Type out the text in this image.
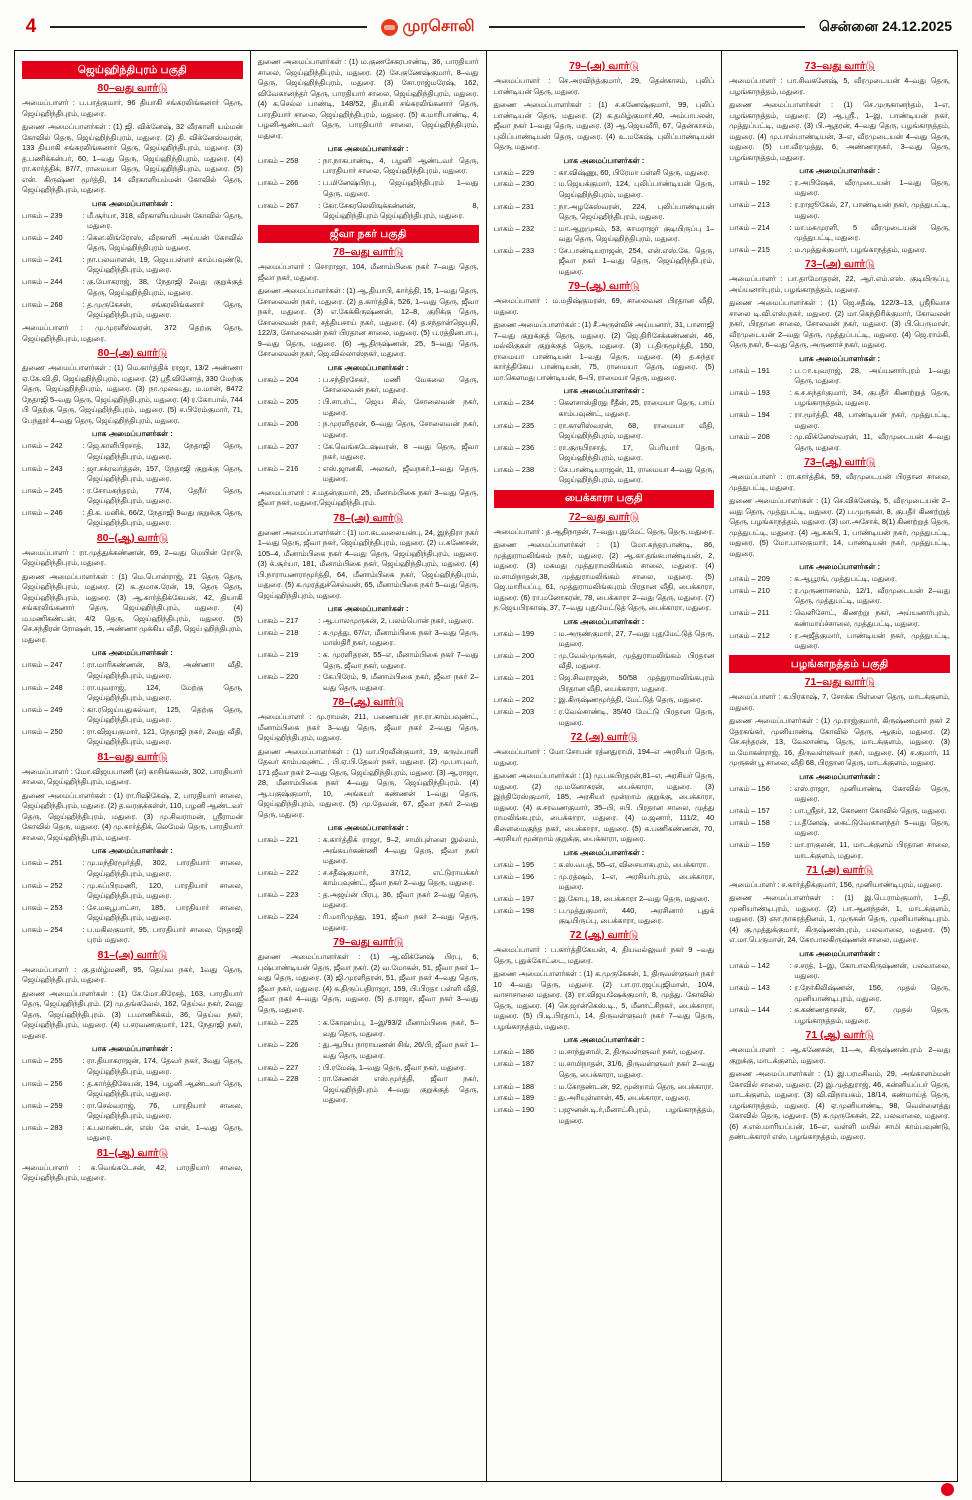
4	முரசொலி	சென்னை 24.12.2025
ஜெய்ஹிந்திபுரம் பகுதி
80–வது வார்டு

அமைப்பாளர் : ப.பாத்குமார், 96 தியாகி சங்கரலிங்கனார் தெரு, ஜெய்ஹிந்திபுரம், மதுரை.

துணை அமைப்பாளர்கள் : (1) ஜி. விக்னேஷ், 32 வீரகாளி யம்மன் கோவில் தெரு, ஜெய்ஹிந்திபுரம், மதுரை. (2) தி. விக்னேஸ்வரன், 133 தியாகி சங்கரலிங்கனார் தெரு, ஜெய்ஹிந்திபுரம், மதுரை. (3) த.பணிக்கன்பர், 60, 1–வது தெரு, ஜெய்ஹிந்திபுரம், மதுரை. (4) ரா.கார்த்திக், 87/7, ராமையா தெரு, ஜெய்ஹிந்திபுரம், மதுரை. (5) என். கிருஷ்ண மூர்த்தி, 14 வீரகாளியம்மன் கோவில் தெரு, ஜெய்ஹிந்திபுரம், மதுரை.

பாக அமைப்பாளர்கள் :
பாகம் – 239	: மீ.சூர்யா, 318, வீரகாளியம்மன் கோவில் தெரு, மதுரை.
பாகம் – 240	: கௌ.லிங்ரோஸ், வீரகாளி அய்யன் கோவில் தெரு, ஜெய்ஹிந்திபுரம் மதுரை.
பாகம் – 241	: நா.பலவாளன், 19, ஜெயபள்ளர் காம்பவுண்டு, ஜெய்ஹிந்திபுரம், மதுரை.
பாகம் – 244	: கு.யோகராஜ், 38, நேதாஜி 2வது குறுக்குத் தெரு, ஜெய்ஹிந்திபுரம், மதுரை.
பாகம் – 268	: த.முருகேசன், சங்கரலிங்கனார் தெரு, ஜெய்ஹிந்திபுரம், மதுரை.

அமைப்பாளர் : மு.முரளீஸ்வரன், 372 தெற்கு தெரு, ஜெய்ஹிந்திபுரம், மதுரை.

80–(அ) வார்டு

துணை அமைப்பாளர்கள் : (1) மெ.கார்த்திக் ராஜா, 13/2 அண்ணா ஏ.கே.வி.தி, ஜெய்ஹிந்திபுரம், மதுரை. (2) ஸ்ரீ.வினோத், 330 மேற்கு தெரு, ஜெய்ஹிந்திபுரம், மதுரை. (3) நா.முலவ.து, ம.மான், 8472 நேதாஜி 5–வது தெரு, ஜெய்ஹிந்திபுரம், மதுரை. (4) ர.கோபால், 744 பி தெற்கு தெரு, ஜெய்ஹிந்திபுரம், மதுரை. (5) ச.பிரேம்குமார், 71, பேந்தூர் 4–வது தெரு, ஜெய்ஹிந்திபுரம், மதுரை.

பாக அமைப்பாளர்கள் :
பாகம் – 242	: ஜெ.காளிபிரசாத், 132, நேதாஜி தெரு, ஜெய்ஹிந்திபுரம், மதுரை.
பாகம் – 243	: ஜா.சக்ரவர்த்தன், 157, நேதாஜி குறுக்கு தெரு, ஜெய்ஹிந்திபுரம், மதுரை.
பாகம் – 245	: ர.சோமசுந்தரம், 77/4, தேநீர் தெரு, ஜெய்ஹிந்திபுரம், மதுரை.
பாகம் – 246	: தி.க. மனிக், 66/2, நேதாஜி 9வது குறுக்கு தெரு, ஜெய்ஹிந்திபுரம், மதுரை.
80–(ஆ) வார்டு

அமைப்பாளர் : ரா.முத்துக்கண்ணன், 69, 2–வது மெயின் ரோடு, ஜெய்ஹிந்திபுரம், மதுரை.

துணை அமைப்பாளர்கள் : (1) மெ.பொன்ராஜ், 21 தெரு தெரு, ஜெய்ஹிந்திபுரம், மதுரை. (2) க..தமாக.ரேன், 19, தெரு தெரு, ஜெய்ஹிந்திபுரம், மதுரை. (3) ஆ.கார்த்திக்கேயன், 42, தியாகி சங்கரலிங்கனார் தெரு, ஜெய்ஹிந்திபுரம், மதுரை. (4) ம.மணிகண்டன், 4/2 தெரு, ஜெய்ஹிந்திபுரம், மதுரை. (5) செ.சந்திரன் ரோஷன், 15, அண்ணா முக்கிய வீதி, ஜெய் ஹிந்திபுரம், மதுரை.

பாக அமைப்பாளர்கள் :
பாகம் – 247	: ரா.மாரிகண்ணன், 8/3, அண்ணா வீதி, ஜெய்ஹிந்திபுரம், மதுரை.
பாகம் – 248	: ரா.யுவராஜ், 124, மேற்கு தெரு, ஜெய்ஹிந்திபுரம், மதுரை.
பாகம் – 249	: கா.ரஜெய்யதுகல்வா, 125, தெற்கு தெரு, ஜெய்ஹிந்திபுரம், மதுரை.
பாகம் – 250	: ரா.விஜயகுமார், 121, நேதாஜி நகர், 2வது வீதி, ஜெய்ஹிந்திபுரம், மதுரை.
81–வது வார்டு

அமைப்பாளர் : மோ.விஜயபாணி (எ) காசிங்கவன், 302, பாரதியார் சாலை, ஜெய்ஹிந்திபுரம், மதுரை.

துணை அமைப்பாளர்கள் : (1) ரா.ரிஷிகேஷ், 2, பாரதியார் சாலை, ஜெய்ஹிந்திபுரம், மதுரை. (2) த.வரகுக்கள்ள், 110, பழனி ஆண்டவர் தெரு, ஜெய்ஹிந்திபுரம், மதுரை. (3) மு.சிவராமன், ஸ்ரீராமன் கோவில் தெரு, மதுரை. (4) மு.கார்த்திக், லெமேல் தெரு, பாரதியார் சாலை, ஜெய்ஹிந்திபுரம், மதுரை.

பாக அமைப்பாளர்கள் :
பாகம் – 251	: மு.மந்திரமூர்த்தி, 302, பாரதியார் சாலை, ஜெய்ஹிந்திபுரம், மதுரை.
பாகம் – 252	: மு.சுப்பிரமணி, 120, பாரதியார் சாலை, ஜெய்ஹிந்திபுரம், மதுரை.
பாகம் – 253	: சே.மகபூபாட்சா, 185, பாரதியார் சாலை, ஜெய்ஹிந்திபுரம், மதுரை.
பாகம் – 254	: ப.மகிலகுமார், 95, பாரதியார் சாலை, நேதாஜி புரம் மதுரை.
81–(அ) வார்டு

அமைப்பாளர் : கு.தமிழ்மணி, 95, தெய்வ நகர், 1வது தெரு, ஜெய்ஹிந்திபுரம், மதுரை.

துணை அமைப்பாளர்கள் : (1) சே.மோ.கிரேசத், 163, பாரதியார் தெரு, ஜெய்ஹிந்திபுரம். (2) மு.தங்கவேல், 162, தெய்வ நகர், 2வது தெரு, ஜெய்ஹிந்திபுரம். (3) ப.மாணிக்கம், 36, தெய்வ நகர், ஜெய்ஹிந்திபுரம், மதுரை. (4) ப.சரவணகுமார், 121, நேதாஜி நகர், மதுரை.

பாக அமைப்பாளர்கள் :
பாகம் – 255	: ரா.தியாகராஜன், 174, தேவர் நகர், 3வது தெரு, ஜெய்ஹிந்திபுரம், மதுரை.
பாகம் – 256	: த.கார்த்திகேயன், 194, பழனி ஆண்டவர் தெரு, ஜெய்ஹிந்திபுரம், மதுரை.
பாகம் – 259	: ரா.செல்வராஜ், 76, பாரதியார் சாலை, ஜெய்ஹிந்திபுரம், மதுரை.
பாகம் – 283	: க.பலாண்டன், எஸ் கே என், 1–வது தெரு, மதுரை.
81–(ஆ) வார்டு

அமைப்பாளர் : க.வெங்கடேசன், 42, பாரதியார் சாலை, ஜெய்ஹிந்திபுரம், மதுரை.

துணை அமைப்பாளர்கள் : (1) ம.குணசேகரபாண்டி, 36, பாரதியார் சாலை, ஜெய்ஹிந்திபுரம், மதுரை. (2) சே.குணேஷ்குமார், 8–வது தெரு, ஜெய்ஹிந்திபுரம், மதுரை. (3) சோ.ராஜ்மரேஷ், 162, விவேகானந்தர் தெரு, பாரதியார் சாலை, ஜெய்ஹிந்திபுரம், மதுரை. (4) க.செல்ல பாண்டி, 148/52, தியாகி சங்கரலிங்கனார் தெரு, பாரதியார் சாலை, ஜெய்ஹிந்திபுரம், மதுரை. (5) க.மாரிபாண்டி, 4, பழனிஆண்டவர் தெரு, பாரதியார் சாலை, ஜெய்ஹிந்திபுரம், மதுரை.

பாக அமைப்பாளர்கள் :
பாகம் – 258	: நா.நாகபாண்டி, 4, பழனி ஆண்டவர் தெரு, பாரதியார் சாலை, ஜெய்ஹிந்திபுரம், மதுரை.
பாகம் – 266	: ப.மினேஷ்பிரபு, ஜெய்ஹிந்திபுரம் 1–வது தெரு, மதுரை.
பாகம் – 267	: கோ.சேகரலெலிஙுக்கன்னன், 8, ஜெய்ஹிந்திபுரம் ஜெய்ஹிந்திபுரம், மதுரை.
ஜீவா நகர் பகுதி
78–வது வார்டு

அமைப்பாளர் : சொராஜா, 104, மீனாம்பிகை நகர் 7–வது தெரு, ஜீவா நகர், மதுரை.

துணை அமைப்பாளர்கள் : (1) ஆ.தியாபி, கார்த்தி, 15, 1–வது தெரு, சோலைவன் நகர், மதுரை. (2) த.கார்த்திக், 526, 1–வது தெரு, ஜீவா நகர், மதுரை. (3) எ.கேக்கிருஷ்ணன், 12–8, குறிக்கு தெரு, சோலைவன் நகர், சத்தியசாய் நகர், மதுரை. (4) த.சந்தான்ஜெயநி, 122/3, சோலைவன் நகர் பிரதான சாலை, மதுரை. (5) ப.ரத்தினபாபு, 9–வது தெரு, மதுரை. (6) ஆ.திருஷ்ணன், 25, 5–வது தெரு, சோலைவன் நகர், ஜெ.வில்லாஸ்நகர், மதுரை.

பாக அமைப்பாளர்கள் :
பாகம் – 204	: ப.சந்திரசேகர், மணி மேகலை தெரு, சோலைவன் நகர், மதுரை.
பாகம் – 205	: பி.சாபர்ட், ஜெய சில், சோலைவன் நகர், மதுரை.
பாகம் – 206	: ந.முரளிதரன், 6–வது தெரு, சோலைவன் நகர், மதுரை.
பாகம் – 207	: கே.வெங்கடேஷ்வரன், 8 –வது தெரு, ஜீவா நகர், மதுரை.
பாகம் – 216	: எஸ்.ஜானகி, அலஙர், ஜீவநகர்,1–வது தெரு, மதுரை.

அமைப்பாளர் : ச.மதன்குமார், 25, மீனாம்பிகை நகர் 3–வது தெரு, ஜீவா நகர், மதுரை,ஜெய்ஹிந்திபுரம்.

78–(அ) வார்டு

துணை அமைப்பாளர்கள் : (1) மா.கடவலையன்பு, 24, இந்திரா நகர் 1–வது தெரு, ஜீவா நகர், ஜெய்ஹிந்திபுரம், மதுரை. (2) ப.கணேசன், 105–4, மீனாம்பிகை நகர் 4–வது தெரு, ஜெய்ஹிந்திபுரம், மதுரை. (3) க்.சூர்யா, 181, மீனாம்பிகை நகர், ஜெய்ஹிந்திபுரம், மதுரை. (4) பி.நாராயணராமூர்த்தி, 64, மீனாம்பிகை நகர், ஜெய்ஹிந்திபுரம், மதுரை. (5) க.முரத்துச்செல்வன், 65, மீனாம்பிகை நகர் 5–வது தெரு, ஜெய்ஹிந்திபுரம், மதுரை.

பாக அமைப்பாளர்கள் :
பாகம் – 217	: ஆ.பாலமுருகன், 2, பலம்பொன் நகர், மதுரை.
பாகம் – 218	: க.முத்து, 67/எ, மீனாம்பிகை நகர் 3–வது தெரு, மாஸ்திரீ நகர், மதுரை.
பாகம் – 219	: க. முரளிதரன், 55–எ, மீனாம்பிகை நகர் 7–வது தெரு, ஜீவா நகர், மதுரை.
பாகம் – 220	: கே.பிரேம், 9, மீனாம்பிகை நகர், ஜீவா நகர் 2–வது தெரு, மதுரை.
78–(ஆ) வார்டு

அமைப்பாளர் : மு.ராமன், 211, பணையன் நா.ரா.காம்பவுண்ட், மீனாம்பிகை நகர் 3–வது தெரு, ஜீவா நகர் 2–வது தெரு, ஜெய்ஹிந்திபுரம், மதுரை.

துணை அமைப்பாளர்கள் : (1) மா.பிரவீன்குமார், 19, கரும்பாளி தேவர் காம்பவுண்ட் , பி.ஏ.பி.தேவர் நகர், மதுரை. (2) மு.பாபுவர், 171 ஜீவா நகர் 2–வது தெரு, ஜெய்ஹிந்திபுரம், மதுரை. (3) ஆ.ராஜா, 28, மீனாம்பிகை நகர் 4–வது தெரு, ஜெய்ஹிந்திபுரம். (4) ஆ.பகுஷ்குமார், 10, அங்கயர் கண்ணன் 1–வது தெரு, ஜெய்ஹிந்திபுரம், மதுரை. (5) மு.தேவன், 67, ஜீவா நகர் 2–வது தெரு, மதுரை.

பாக அமைப்பாளர்கள் :
பாகம் – 221	: க.கார்த்திக் ராஜா, 9–2, சாமிபுள்ளை இல்லம், அங்கயர்கண்ணி 4–வது தெரு, ஜீவா நகர் மதுரை.
பாகம் – 222	: ச.சதீஷ்குமார், 37/12, எட்டுராயக்கர் காம்பவுண்ட், ஜீவா நகர் 2–வது தெரு, மதுரை.
பாகம் – 223	: த.அஜய்ன் பிரபு, 36, ஜீவா நகர் 2–வது தெரு, மதுரை.
பாகம் – 224	: ரி.மாரிமுத்து, 191, ஜீவா நகர் 2–வது தெரு, மதுரை.
79–வது வார்டு

துணை அமைப்பாளர்கள் : (1) ஆ.விக்னேஷ் பிரபு, 6, புஷ்பாண்டியன் தெரு, ஜீவா நகர். (2) வ.மோகன், 51, ஜீவா நகர் 1–வது தெரு, மதுரை. (3) ஜி.முரளிதரன், 51, ஜீவா நகர் 4–வது தெரு, ஜீவா நகர், மதுரை. (4) க.திருப்பதிராஜா, 159, பி.பிரதா பள்ளி வீதி, ஜீவா நகர் 4–வது தெரு, மதுரை. (5) த.ராஜா, ஜீவா நகர் 3–வது தெரு, மதுரை.

பாகம் – 225	: க.கோஹம்பு, 1–இ/93/2 மீனாம்பிகை நகர், 5–வது தெரு, மதுரை.
பாகம் – 226	: து.ஆபிய நாராயணன் சிங், 26/பி, ஜீவா நகர் 1–வது தெரு, மதுரை.
பாகம் – 227	: பி.ரமேஷ், 1–வது தெரு, ஜீவா நகர், மதுரை.
பாகம் – 228	: ரா.சேணன் எஸ்.மூர்த்தி, ஜீவா நகர், ஜெய்ஹிந்திபுரம் 4–வது குறுக்குத் தெரு, மதுரை.
79–(அ) வார்டு

அமைப்பாளர் : செ.அரவிந்த்குமார், 29, தென்காசம், புலிப் பாண்டியன் தெரு, மதுரை.

துணை அமைப்பாளர்கள் : (1) ச.கணேஷ்குமார், 99, புலிப் பாண்டியன் தெரு, மதுரை. (2) க.தமிழ்குமார்,40, அம்பாபலன், ஜீவா நகர் 1–வது தெரு, மதுரை. (3) ஆ.ஜெயவீரி, 67, தென்காசம், புலிப்பாண்டியன் தெரு, மதுரை. (4) உ.மகேஷ், புலிப்பாண்டியன் தெரு, மதுரை.

பாக அமைப்பாளர்கள் :
பாகம் – 229	: கா.விஷ்ணு, 60, பிரேமா பள்ளி தெரு, மதுரை.
பாகம் – 230	: ம.ஜெயக்குமார், 124, புலிப்பாண்டியன் தெரு, ஜெய்ஹிந்திபுரம், மதுரை.
பாகம் – 231	: நா.அழகேஸ்வரன், 224, புலிப்பாண்டியன் தெரு, ஜெய்ஹிந்திபுரம், மதுரை.
பாகம் – 232	: மா.ஆறுமுகம், 53, காமராஜர் குடியிருப்பு 1–வது தெரு, ஜெய்ஹிந்திபுரம், மதுரை.
பாகம் – 233	: சே.பாண்டியராஜன், 254, என்.எஸ்.கே. தெரு, ஜீவா நகர் 1–வது தெரு, ஜெய்ஹிந்திபுரம், மதுரை.
79–(ஆ) வார்டு

அமைப்பாளர் : ம.மதிஷ்குமரன், 69, சாலைவன பிரதான வீதி, மதுரை.

துணை அமைப்பாளர்கள் : (1) சீ.அருள்விச் அய்யனார், 31, பாளாஜி 7–வது குறுக்குத் தெரு, மதுரை. (2) ஜெ.திரிசேக்கண்ணன், 46, மல்லிகுகள் குறுக்குத் தெரு, மதுரை. (3) ப.திருமூர்த்தி, 150, ராமையா பாண்டியன் 1–வது தெரு, மதுரை. (4) த.சுந்தர கார்த்திகேய பாண்டியன், 75, ராமையா தெரு, மதுரை. (5) மா.கௌமது பாண்டியன், 6–பி, ராமையா தெரு, மதுரை.

பாக அமைப்பாளர்கள் :
பாகம் – 234	: கௌசாஸ்திரது ரீதீன், 25, ராமையா தெரு, பாய் காம்பவுண்ட், மதுரை.
பாகம் – 235	: ரா.காளிஸ்வரன், 68, ராமையா வீதி, ஜெய்ஹிந்திபுரம், மதுரை.
பாகம் – 236	: ரா.குருபிரசாத், 17, பெரியார் தெரு, ஜெய்ஹிந்திபுரம், மதுரை.
பாகம் – 238	: சே.பாண்டியராஜன், 11, ராமையா 4–வது தெரு, ஜெய்ஹிந்திபுரம், மதுரை.
பைக்காரா பகுதி
72–வது வார்டு

அமைப்பாளர் : த.ஆதிநாதன், 7–வது புதுமேட் தெரு, தெரு, மதுரை.

துணை அமைப்பாளர்கள் : (1) மோ.சுந்தரபாண்டி, 86, முத்துராமலிங்கம் நகர், மதுரை. (2) ஆ.கா.தங்கபாண்டியன், 2, மதுரை. (3) மகமது முத்துராமலிங்கம் சாலை, மதுரை. (4) ம.சாமிநாதன்,38, முத்துராமலிங்கம் சாலை, மதுரை. (5) ஜெ.மாரியப்பு, 61, முத்துராமலிங்கபுரம் பிரதான வீதி, பைக்காரா, மதுரை. (6) ரா.மனோகரன், 78, பைக்காரா 2–வது தெரு, மதுரை. (7) ந.ஜெயபிரகாஷ், 37, 7–வது புதுமேட்டுத் தெரு, பைக்காரா, மதுரை.

பாக அமைப்பாளர்கள் :
பாகம் – 199	: ம.அருண்குமார், 27, 7–வது புதுமேட்டுத் தெரு, மதுரை.
பாகம் – 200	: மு.வேல்முருகன், முத்துராமலிங்கம் பிரதான வீதி, மதுரை.
பாகம் – 201	: ஜெ.சிவராஜன், 50/58 முத்துராமலிங்கபுரம் பிரதான வீதி, பைக்காரா, மதுரை.
பாகம் – 202	: இ.கிருஷ்ணமூர்த்தி, மேட்டுத் தெரு, மதுரை.
பாகம் – 203	: ர.வேல்சாண்டி, 35/40 மேட்டு பிரதான தெரு, மதுரை.
72 (அ) வார்டு

அமைப்பாளர் : மோ.சோபன் ரத்னதுராமி, 194–எ அரசியர் தெரு, மதுரை.

துணை அமைப்பாளர்கள் : (1) மு.பகபிரதரன்,81–எ, அரசியர் தெரு, மதுரை. (2) மு.மனோகரன், பைக்காரா, மதுரை. (3) இந்திரேஸ்குமார், 185, அரசியர் மூன்றாம் குறுக்கு, பைக்காரா, மதுரை. (4) க.சரவணகுமார், 35–பி, சபி. பிரதான சாலை, முத்து ராமலிங்கபுரம், பைக்காரா, மதுரை. (4) ம.ஜனார், 111/2, 40 கிளைமைகுந்த நகர், பைக்காரா, மதுரை. (5) க.பணிகண்ணன், 70, அரசியர் மூன்றாம் குறுக்கு, பைக்காரா, மதுரை.

பாக அமைப்பாளர்கள் :
பாகம் – 195	: க.ஸ்.வபத், 55–எ, விசையாகபுரம், பைக்காரா.
பாகம் – 196	: மு.ரத்ஷம், 1–எ, அரசியர்புரம், பைக்காரா, மதுரை.
பாகம் – 197	: இ.கோபு, 18, பைக்காரா 2–வது தெரு, மதுரை.
பாகம் – 198	: ப.முத்துகுமார், 440, அரசினார் புதுக் குடியிருப்பு, பைக்காரா, மதுரை.
72 (ஆ) வார்டு

அமைப்பாளர் : ப.கார்த்திகேயன், 4, தியவல்லுவர் நகர் 9 –வது தெரு, புதுக்கோட்டை, மதுரை.

துணை அமைப்பாளர்கள் : (1) க.முருகேசன், 1, திருவள்ளுவர் நகர் 10 4–வது தெரு, மதுரை. (2) பா.ரா.ரஜப்புஜிமான், 10/4, வாசாசாலை மதுரை. (3) ரா.விஜயஷேக்குமார், 8, முத்து. கோவில் தெரு, மதுரை. (4) செ.ஜான்கெஸ்.டி., 5, மீனாட்சிநகர், பைக்காரா, மதுரை. (5) பி.டி.பிரதாப், 14, திருவள்ளுவர் நகர் 7–வது தெரு, பழங்காநத்தம், மதுரை.

பாக அமைப்பாளர்கள் :
பாகம் – 186	: ம.சாந்துசாமி, 2, திருவள்ளுவர் நகர், மதுரை.
பாகம் – 187	: ம.சாமிநாதன், 31/6, திருவள்ளுவர் நகர் 2–வது தெரு, பைக்காரா, மதுரை.
பாகம் – 188	: ம.கோதண்டன், 92, மூன்றாம் தெரு, பைக்காரா.
பாகம் – 189	: து.அரியுள்ளான், 45, பைக்காரா, மதுரை.
பாகம் – 190	: பஜுனன்.டி.ர்,மீனாட்சிபுரம், பழங்காநத்தம், மதுரை.
73–வது வார்டு

அமைப்பாளர் : பா.சிவகனேஷ், 5, வீரமுடையன் 4–வது தெரு, பழங்காநத்தம், மதுரை.

துணை அமைப்பாளர்கள் : (1) செ.முருகானந்தம், 1–எ, பழங்காநத்தம், மதுரை. (2) ஆ.ஸ்ரீ., 1–இ, பாண்டியன் நகர், முத்துப்பட்டி, மதுரை. (3) பி.ஆதரன், 4–வது தெரு, பழங்காநத்தம், மதுரை. (4) மு.பால்பாண்டியன், 3–எ, வீரமுடையன் 4–வது தெரு, மதுரை. (5) பா.வீரமுத்து, 6, அண்ணாநகர், 3–வது தெரு, பழங்காநத்தம், மதுரை.

பாக அமைப்பாளர்கள் :
பாகம் – 192	: ர.அபிஷேக், வீரமுடையன் 1–வது தெரு, மதுரை.
பாகம் – 213	: ர.ராஜூகேல், 27, பாண்டியன் நகர், முத்துபட்டி, மதுரை.
பாகம் – 214	: மா.மகமுரளி, 5 வீரமுடையன் தெரு, முத்துபட்டி, மதுரை.
பாகம் – 215	: ம.முத்துக்குமார், பழங்காநத்தம், மதுரை.
73–(அ) வார்டு

அமைப்பாளர் : பா.தாமோதரன், 22, ஆர்.எம்.எஸ். குடியிருப்பு, அய்யனார்புரம், பழங்காநத்தம், மதுரை.

துணை அமைப்பாளர்கள் : (1) ஜெ.சதீஷ், 122/3–13, ஸ்ரீநிவாச சாலை டி.வி.எஸ்.நகர், மதுரை. (2) மா.கெந்திரிக்குமார், கோவலன் நகர், பிரதான சாலை, சோலவன் நகர், மதுரை. (3) பி.பெருமாள், வீரமுடையன் 2–வது தெரு, முத்துப்பட்டி, மதுரை. (4) ஜெ.ராம்கி, தெரு நகர், 6–வது தெரு, அருணாச் நகர், மதுரை.

பாக அமைப்பாளர்கள் :
பாகம் – 191	: ப.ா.யுவராஜ், 28, அய்யனார்புரம் 1–வது தெரு, மதுரை.
பாகம் – 193	: க.ச.சுந்தர்குமார், 34, குபதீர் கிணற்றுத் தெரு, பழங்காநத்தம், மதுரை.
பாகம் – 194	: ரா.மூர்த்தி, 48, பாண்டியன் நகர், முத்துபட்டி, மதுரை.
பாகம் – 208	: மு.விக்னேஸ்வரன், 11, வீரமுடையன் 4–வது தெரு, மதுரை.
73–(ஆ) வார்டு

அமைப்பாளர் : ரா.கார்த்திக், 59, வீரமுடையன் பிரதான சாலை, முத்துபட்டி, மதுரை.

துணை அமைப்பாளர்கள் : (1) செ.விக்னேஷ், 5, வீரமுடையன் 2–வது தெரு, முத்துபட்டி, மதுரை. (2) ப.முருகன், 8, குபதீர் கிணற்றுத் தெரு, பழங்காநத்தம், மதுரை. (3) மா.அசோக், 8(1) கிணற்றுத் தெரு, முத்துபட்டி, மதுரை. (4) ஆ.சுகபி, 1, பாண்டியன் நகர், முத்துபட்டி, மதுரை. (5) மோ.பாலகுமார், 14, பாண்டியன் நகர், முத்துபட்டி, மதுரை.

பாக அமைப்பாளர்கள் :
பாகம் – 209	: க.ஆபூரங், முத்துபட்டி, மதுரை.
பாகம் – 210	: ர.முருணாசாலம், 12/1, வீரமுடையன் 2–வது தெரு, முத்துபட்டி, மதுரை.
பாகம் – 211	: வெளிசோட், கிணற்று நகர், அய்யனார்புரம், கண்மாய்ச்சாலை, முத்துபட்டி, மதுரை.
பாகம் – 212	: ர.அஜீத்குமார், பாண்டியன் நகர், முத்துபட்டி, மதுரை.
பழங்காநத்தம் பகுதி
71–வது வார்டு

அமைப்பாளர் : க.பிரகாஷ், 7, சோக்க பிள்ளை தெரு, மாடக்குளம், மதுரை.

துணை அமைப்பாளர்கள் : (1) மு.ராஜ்குமார், கிருஷ்ணமார் நகர் 2 தேரகங்கர், முனியாண்டி கோவில் தெரு, ஆகும், மதுரை. (2) செ.சுந்தரன், 13, வேலாண்டி தெரு, மாடக்குளம், மதுரை. (3) ம.மோகன்ராஜ், 16, திருவள்ளுவர் நகர், மதுரை. (4) ச.குமார், 11 முருகன் பூ சாலை, வீதி 68, பிரதான தெரு, மாடக்குளம், மதுரை.

பாக அமைப்பாளர்கள் :
பாகம் – 156	: எஸ்.ராஜா, முனியாண்டி கோவில் தெரு, மதுரை.
பாகம் – 157	: பா.ஸ்ரீதர், 12, கோணா கோவில் தெரு, மதுரை.
பாகம் – 158	: ப.தீனேஷ், கைட்டுவேகானந்தர் 5–வது தெரு, மதுரை.
பாகம் – 159	: மா.ராகுலன், 11, மாடக்குளம் பிரதான சாலை, மாடக்குளம், மதுரை.
71 (அ) வார்டு

அமைப்பாளர் : ச.கார்த்திக்குமார், 156, முனியாண்டிபுரம், மதுரை.

துணை அமைப்பாளர்கள் : (1) இ.பெ.ராம்குமார், 1–தி, முனியாண்டிபுரம், மதுரை. (2) பா.ஆனந்தன், 1, மாடக்குளம், மதுரை. (3) ஞா.நாகரத்தினம், 1, முருகன் தெரு, முனியாண்டிபுரம். (4) கு.முத்துக்குமார், கிருஷ்ணன்புரம், பலவாலை, மதுரை. (5) எ.மா.பெருமாள், 24, கோபாலகிருஷ்ணன் சாலை, மதுரை.

பாக அமைப்பாளர்கள் :
பாகம் – 142	: ச.சரத், 1–இ, கோபாலகிருஷ்ணன், பலவாலை, மதுரை.
பாகம் – 143	: ர.நேர்கிலிஷ்ணன், 156, முதல் தெரு, முனியாண்டிபுரம், மதுரை.
பாகம் – 144	: க.கண்ணதாசன், 67, முதல் தெரு, பழங்காநத்தம், மதுரை.
71 (ஆ) வார்டு

அமைப்பாளர் : ஆ.கணேசன், 11–அ, கிருஷ்ணன்புரம் 2–வது குறுக்கு, மாடக்குளம், மதுரை.

துணை அமைப்பாளர்கள் : (1) இ.பரமசிவம், 29, அங்காளம்மன் கோவில் சாலை, மதுரை. (2) இ.முத்துராஜ், 46, கன்னியப்பர் தெரு, மாடக்குளம், மதுரை. (3) வி.விநாயகம், 18/14, கண்மாய்த் தெரு, பழங்காநத்தம், மதுரை. (4) ஏ.முனியாண்டி, 98, வெள்ளைத்து கோவில் தெரு, மதுரை. (5) க.முருகேசன், 22, பலவாலை, மதுரை. (6) ச.எல்.மாரியப்பன், 16–எ, வள்ளி மயில் சாமி காம்பவுண்டு, தண்டக்காரர் எஸ், பழங்காநத்தம், மதுரை.
